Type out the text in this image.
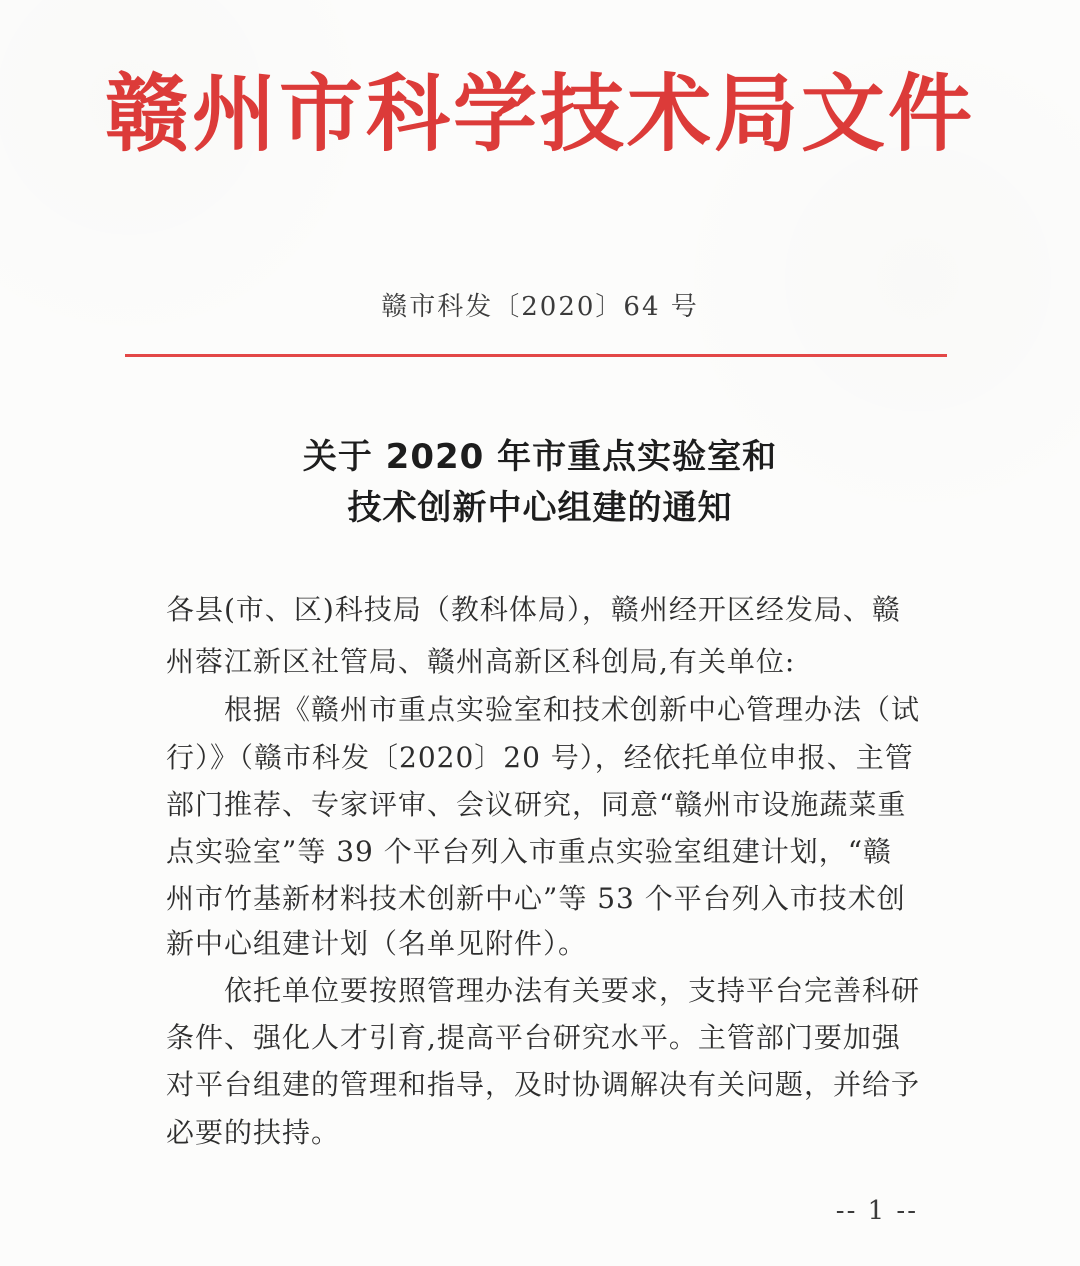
赣州市科学技术局文件
赣市科发〔2020〕64 号
关于 2020 年市重点实验室和
技术创新中心组建的通知
各县(市、区)科技局（教科体局），赣州经开区经发局、赣
州蓉江新区社管局、赣州高新区科创局,有关单位:
根据《赣州市重点实验室和技术创新中心管理办法（试
行）》（赣市科发〔2020〕20 号），经依托单位申报、主管
部门推荐、专家评审、会议研究，同意“赣州市设施蔬菜重
点实验室”等 39 个平台列入市重点实验室组建计划，“赣
州市竹基新材料技术创新中心”等 53 个平台列入市技术创
新中心组建计划（名单见附件）。
依托单位要按照管理办法有关要求，支持平台完善科研
条件、强化人才引育,提高平台研究水平。主管部门要加强
对平台组建的管理和指导，及时协调解决有关问题，并给予
必要的扶持。
-- 1 --
